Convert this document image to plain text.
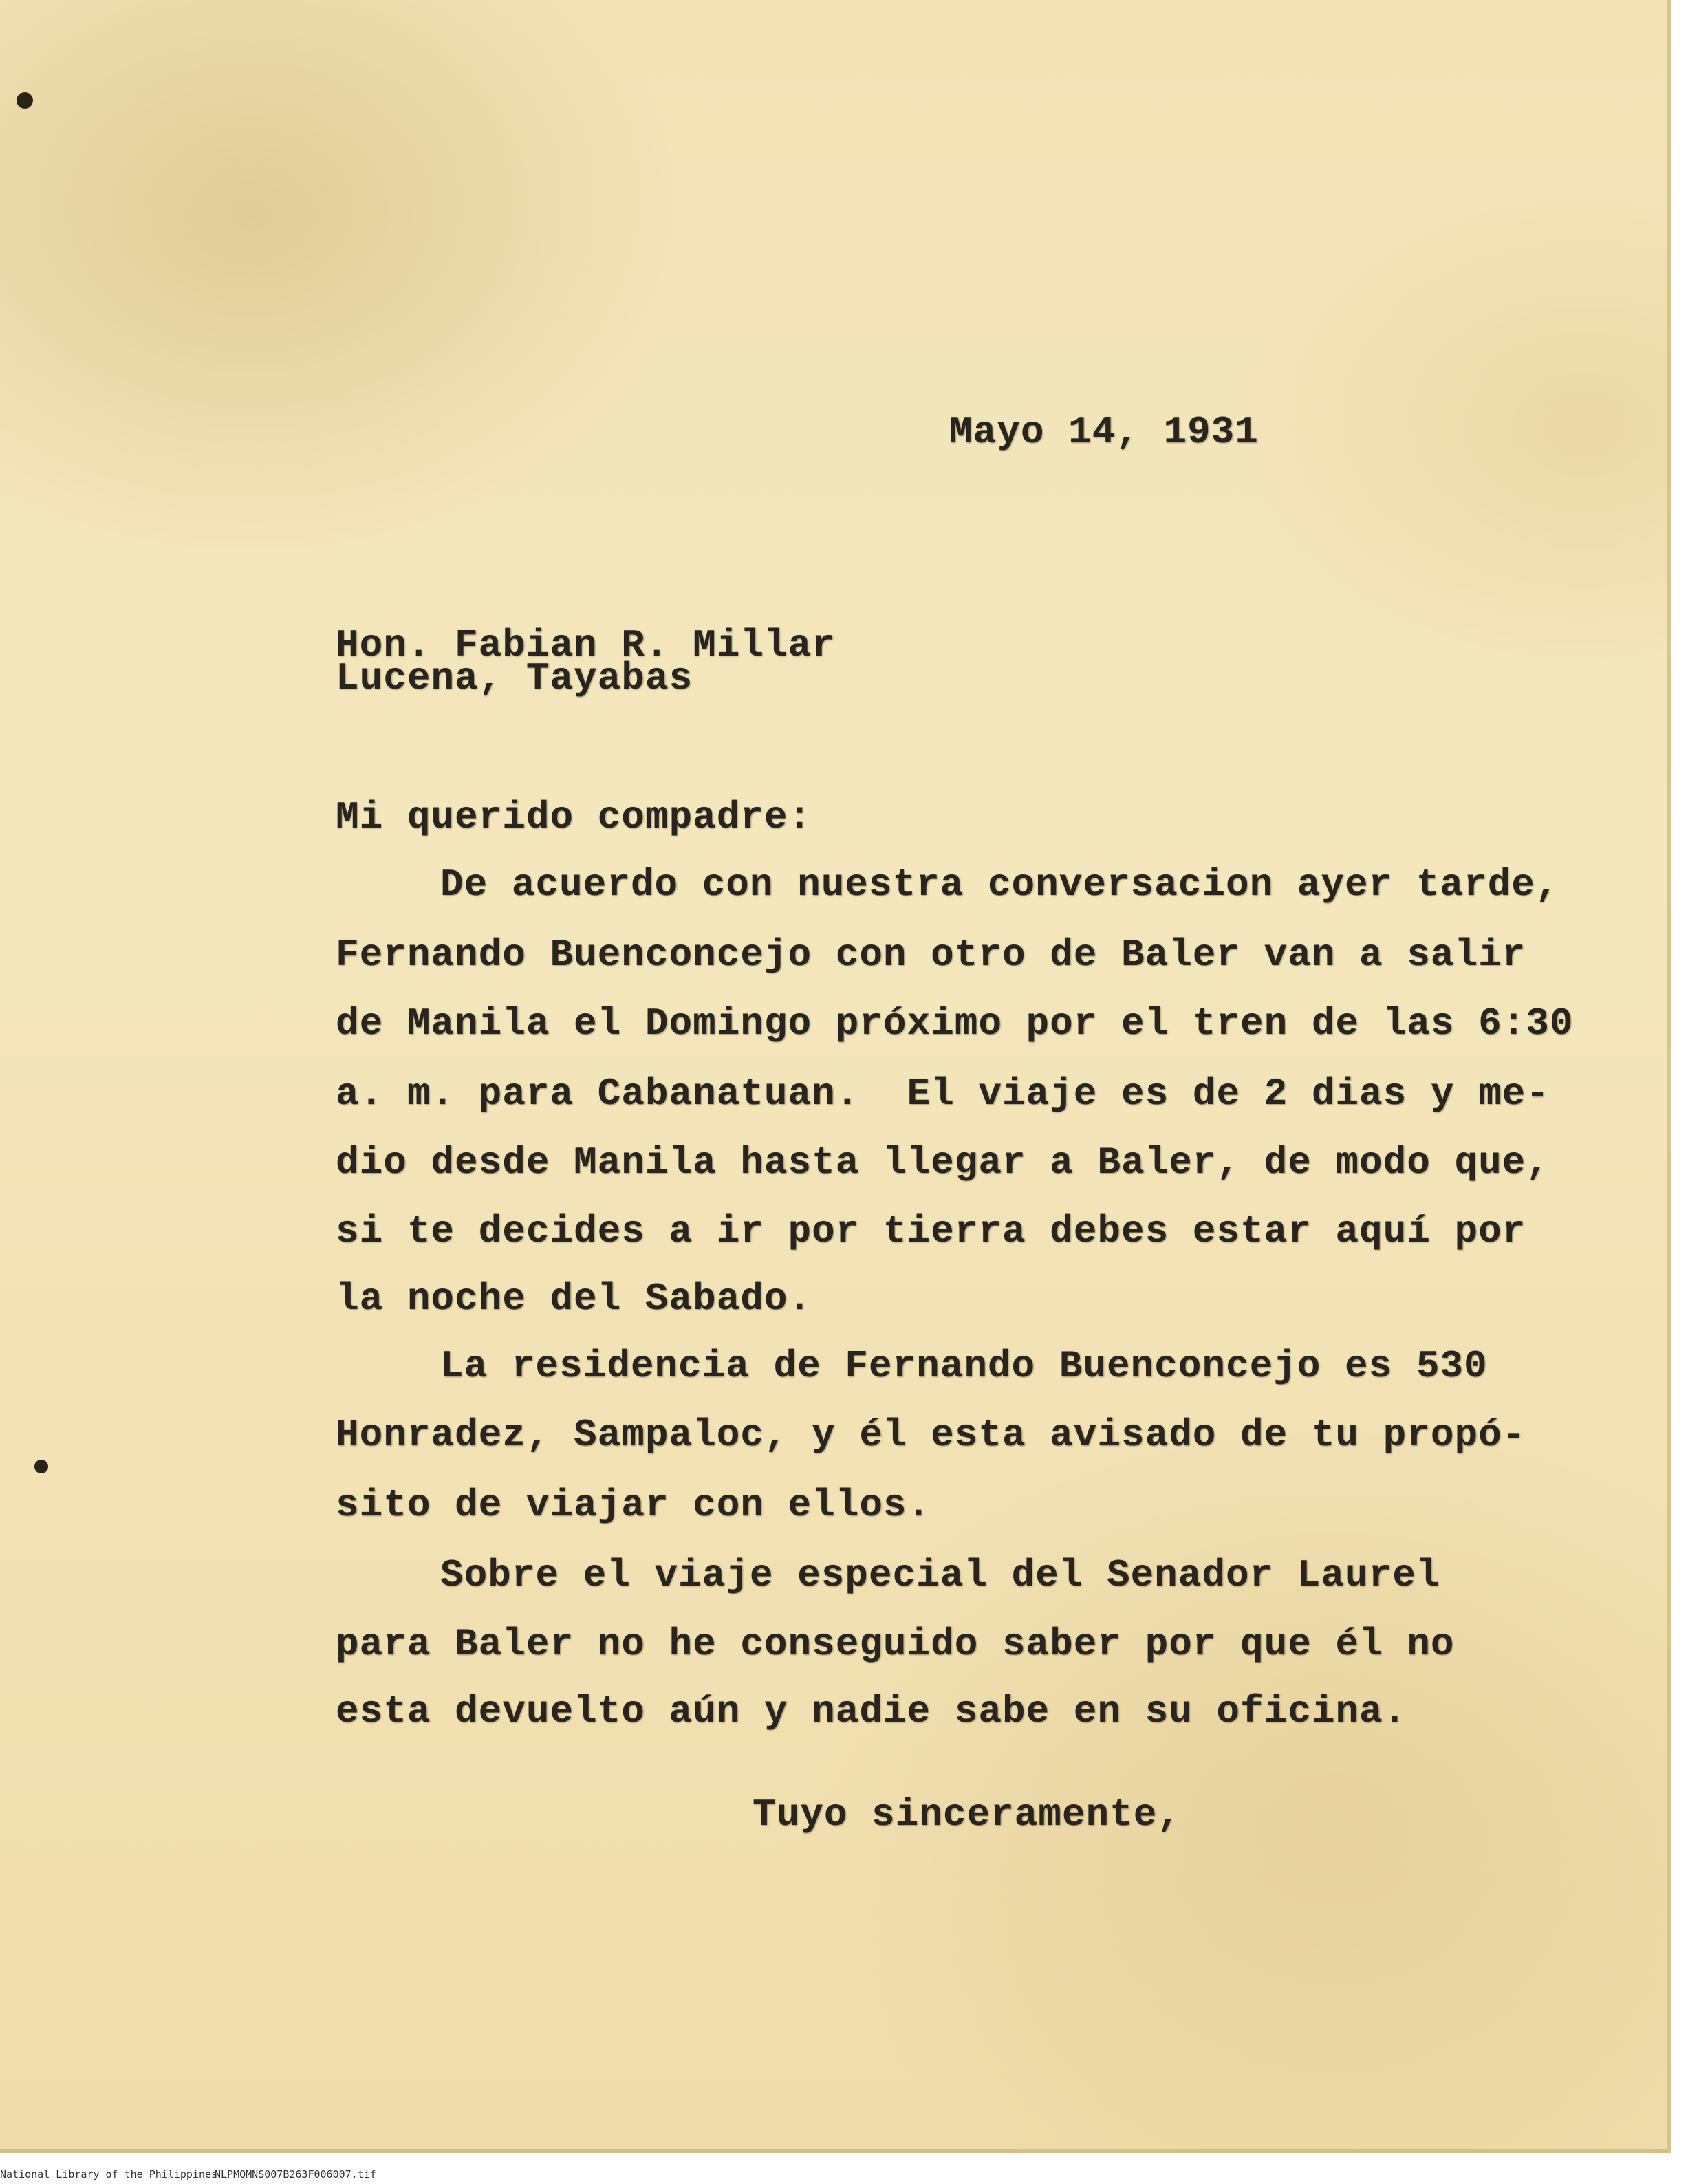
Mayo 14, 1931
Hon. Fabian R. Millar
Lucena, Tayabas
Mi querido compadre:
De acuerdo con nuestra conversacion ayer tarde,
Fernando Buenconcejo con otro de Baler van a salir
de Manila el Domingo próximo por el tren de las 6:30
a. m. para Cabanatuan.  El viaje es de 2 dias y me-
dio desde Manila hasta llegar a Baler, de modo que,
si te decides a ir por tierra debes estar aquí por
la noche del Sabado.
La residencia de Fernando Buenconcejo es 530
Honradez, Sampaloc, y él esta avisado de tu propó-
sito de viajar con ellos.
Sobre el viaje especial del Senador Laurel
para Baler no he conseguido saber por que él no
esta devuelto aún y nadie sabe en su oficina.
Tuyo sinceramente,
National Library of the Philippines
NLPMQMNS007B263F006007.tif
